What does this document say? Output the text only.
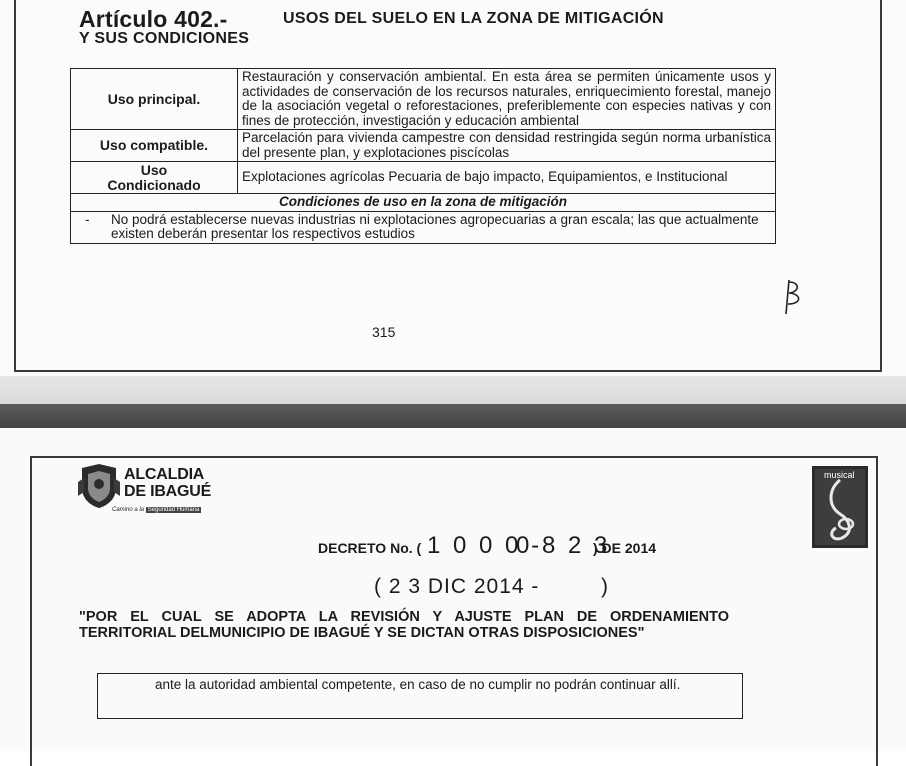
Artículo 402.-	USOS DEL SUELO EN LA ZONA DE MITIGACIÓN
Y SUS CONDICIONES
Uso principal.	Restauración y conservación ambiental. En esta área se permiten únicamente usos y actividades de conservación de los recursos naturales, enriquecimiento forestal, manejo de la asociación vegetal o reforestaciones, preferiblemente con especies nativas y con fines de protección, investigación y educación ambiental
Uso compatible.	Parcelación para vivienda campestre con densidad restringida según norma urbanística del presente plan, y explotaciones piscícolas

Uso
Condicionado	Explotaciones agrícolas Pecuaria de bajo impacto, Equipamientos, e Institucional
Condiciones de uso en la zona de mitigación	
- No podrá establecerse nuevas industrias ni explotaciones agropecuarias a gran escala; las que actualmente existen deberán presentar los respectivos estudios	
315
ALCALDIA
DE IBAGUÉ
Camino a la Seguridad Humana
musical
DECRETO No. ( 1 0 0 0 -
0 8 2 3
) DE 2014
( 2 3 DIC 2014 -	)
"POR EL CUAL SE ADOPTA LA REVISIÓN Y AJUSTE PLAN DE ORDENAMIENTO TERRITORIAL DELMUNICIPIO DE IBAGUÉ Y SE DICTAN OTRAS DISPOSICIONES"
ante la autoridad ambiental competente, en caso de no cumplir no podrán continuar allí.
